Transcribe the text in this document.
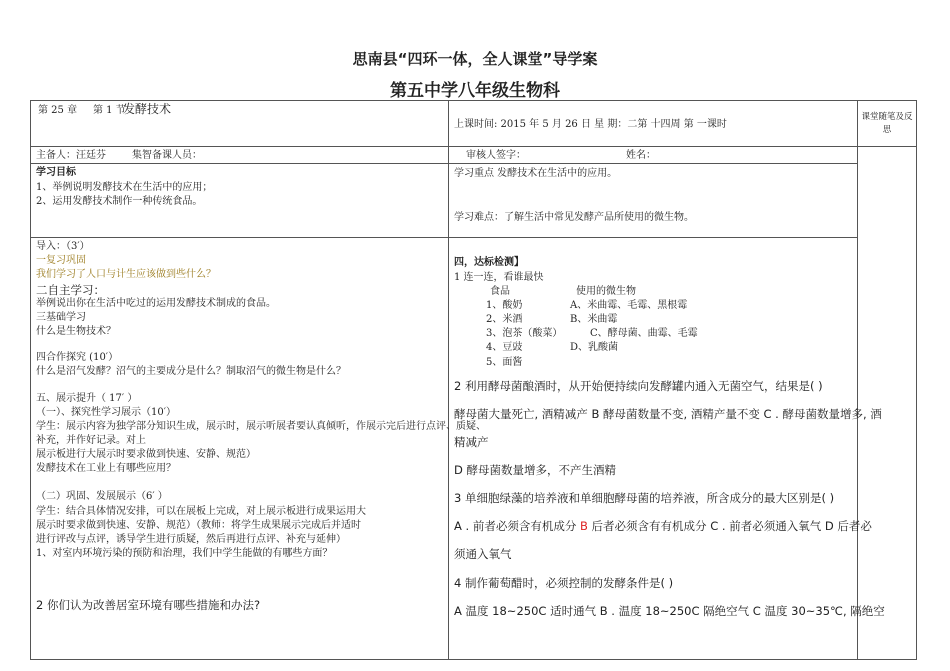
思南县“四环一体，全人课堂”导学案
第五中学八年级生物科
第 25 章 第 1 节
发酵技术
上课时间: 2015 年 5 月 26 日 星 期：二第 十四周 第 一课时
课堂随笔及反思
主备人：汪廷芬	集智备课人员：	审核人签字：	姓名：
学习目标
1、举例说明发酵技术在生活中的应用；
2、运用发酵技术制作一种传统食品。
学习重点 发酵技术在生活中的应用。
学习难点：了解生活中常见发酵产品所使用的微生物。
导入：（3′）
一复习巩固
我们学习了人口与计生应该做到些什么？
二自主学习：
举例说出你在生活中吃过的运用发酵技术制成的食品。
三基础学习
什么是生物技术？
四合作探究 (10′）
什么是沼气发酵？沼气的主要成分是什么？制取沼气的微生物是什么？
五、展示提升（ 17′ ）
（一）、探究性学习展示（10′）
学生：展示内容为独学部分知识生成，展示时，展示听展者要认真倾听，作展示完后进行点评、质疑、
补充，并作好记录。对上
展示板进行大展示时要求做到快速、安静、规范）
发酵技术在工业上有哪些应用？
（二）巩固、发展展示（6′ ）
学生：结合具体情况安排，可以在展板上完成，对上展示板进行成果运用大
展示时要求做到快速、安静、规范）（教师：将学生成果展示完成后并适时
进行评改与点评，诱导学生进行质疑，然后再进行点评、补充与延伸）
1、对室内环境污染的预防和治理，我们中学生能做的有哪些方面？
2 你们认为改善居室环境有哪些措施和办法?
四，达标检测】
1 连一连，看谁最快
食品	使用的微生物
1、酸奶	A、米曲霉、毛霉、黑根霉
2、米酒	B、米曲霉
3、泡茶（酸菜）	C、酵母菌、曲霉、毛霉
4、豆豉	D、乳酸菌
5、面酱
2 利用酵母菌酿酒时，从开始便持续向发酵罐内通入无菌空气，结果是( )
酵母菌大量死亡, 酒精减产 B 酵母菌数量不变, 酒精产量不变 C . 酵母菌数量增多, 酒
精减产
D 酵母菌数量增多，不产生酒精
3 单细胞绿藻的培养液和单细胞酵母菌的培养液，所含成分的最大区别是( )
A . 前者必须含有机成分 B 后者必须含有有机成分 C . 前者必须通入氧气 D 后者必
须通入氧气
4 制作葡萄醋时，必须控制的发酵条件是( )
A 温度 18~250C 适时通气 B . 温度 18~250C 隔绝空气 C 温度 30~35℃, 隔绝空
